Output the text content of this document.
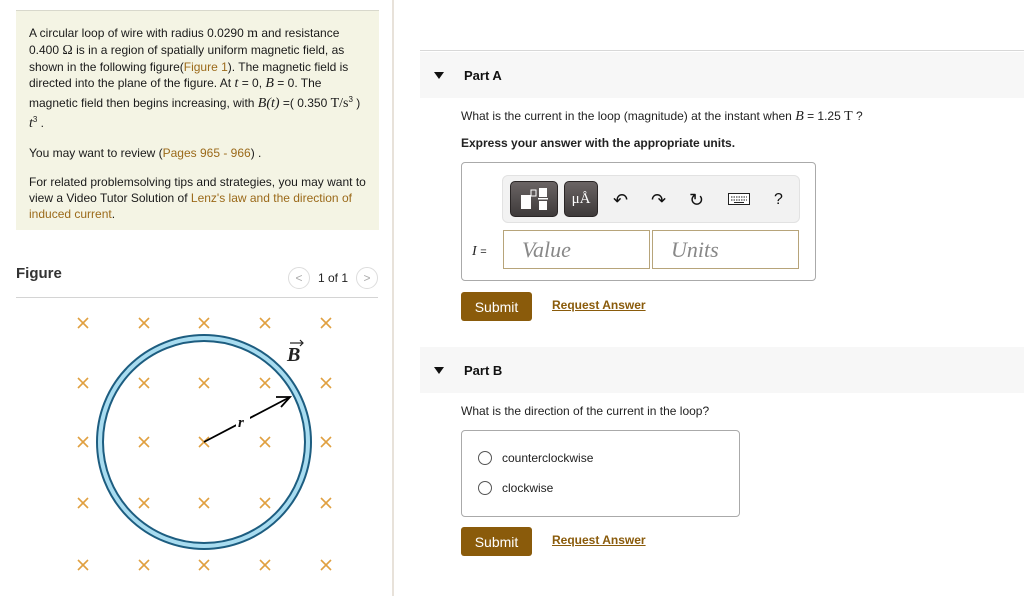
A circular loop of wire with radius 0.0290 m and resistance 0.400 Ω is in a region of spatially uniform magnetic field, as shown in the following figure(Figure 1). The magnetic field is directed into the plane of the figure. At t = 0, B = 0. The magnetic field then begins increasing, with B(t) =( 0.350 $T/s^3$ ) $t^3$ .

You may want to review (Pages 965 - 966) .

For related problemsolving tips and strategies, you may want to view a Video Tutor Solution of Lenz's law and the direction of induced current.

Figure	< 1 of 1 >
r
B
Part A
What is the current in the loop (magnitude) at the instant when B = 1.25 T ?
Express your answer with the appropriate units.
μÅ ↶ ↷ ↻	?
I =	Value	Units
Submit	Request Answer
Part B
What is the direction of the current in the loop?
counterclockwise
clockwise
Submit	Request Answer
